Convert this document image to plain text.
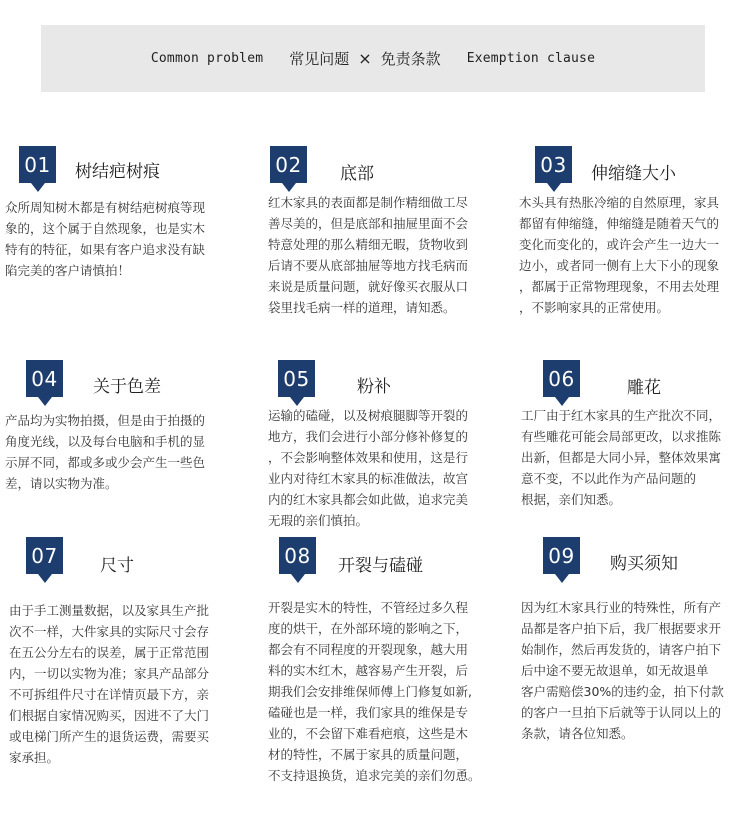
Common problem 常见问题 × 免责条款 Exemption clause
01	树结疤树痕

众所周知树木都是有树结疤树痕等现

象的，这个属于自然现象，也是实木

特有的特征，如果有客户追求没有缺

陷完美的客户请慎拍！

02	底部

红木家具的表面都是制作精细做工尽

善尽美的，但是底部和抽屉里面不会

特意处理的那么精细无暇，货物收到

后请不要从底部抽屉等地方找毛病而

来说是质量问题，就好像买衣服从口

袋里找毛病一样的道理，请知悉。

03	伸缩缝大小

木头具有热胀冷缩的自然原理，家具

都留有伸缩缝，伸缩缝是随着天气的

变化而变化的，或许会产生一边大一

边小，或者同一侧有上大下小的现象

，都属于正常物理现象，不用去处理

，不影响家具的正常使用。

04	关于色差

产品均为实物拍摄，但是由于拍摄的

角度光线，以及每台电脑和手机的显

示屏不同，都或多或少会产生一些色

差，请以实物为准。

05	粉补

运输的磕碰，以及树痕腿脚等开裂的

地方，我们会进行小部分修补修复的

，不会影响整体效果和使用，这是行

业内对待红木家具的标准做法，故宫

内的红木家具都会如此做，追求完美

无瑕的亲们慎拍。

06	雕花

工厂由于红木家具的生产批次不同，

有些雕花可能会局部更改，以求推陈

出新，但都是大同小异，整体效果寓

意不变，不以此作为产品问题的

根据，亲们知悉。

07	尺寸

由于手工测量数据，以及家具生产批

次不一样，大件家具的实际尺寸会存

在五公分左右的误差，属于正常范围

内，一切以实物为准；家具产品部分

不可拆组件尺寸在详情页最下方，亲

们根据自家情况购买，因进不了大门

或电梯门所产生的退货运费，需要买

家承担。

08	开裂与磕碰

开裂是实木的特性，不管经过多久程

度的烘干，在外部环境的影响之下，

都会有不同程度的开裂现象，越大用

料的实木红木，越容易产生开裂，后

期我们会安排维保师傅上门修复如新,

磕碰也是一样，我们家具的维保是专

业的，不会留下难看疤痕，这些是木

材的特性，不属于家具的质量问题，

不支持退换货，追求完美的亲们勿恿。

09	购买须知

因为红木家具行业的特殊性，所有产

品都是客户拍下后，我厂根据要求开

始制作，然后再发货的，请客户拍下

后中途不要无故退单，如无故退单

客户需赔偿30%的违约金，拍下付款

的客户一旦拍下后就等于认同以上的

条款，请各位知悉。
